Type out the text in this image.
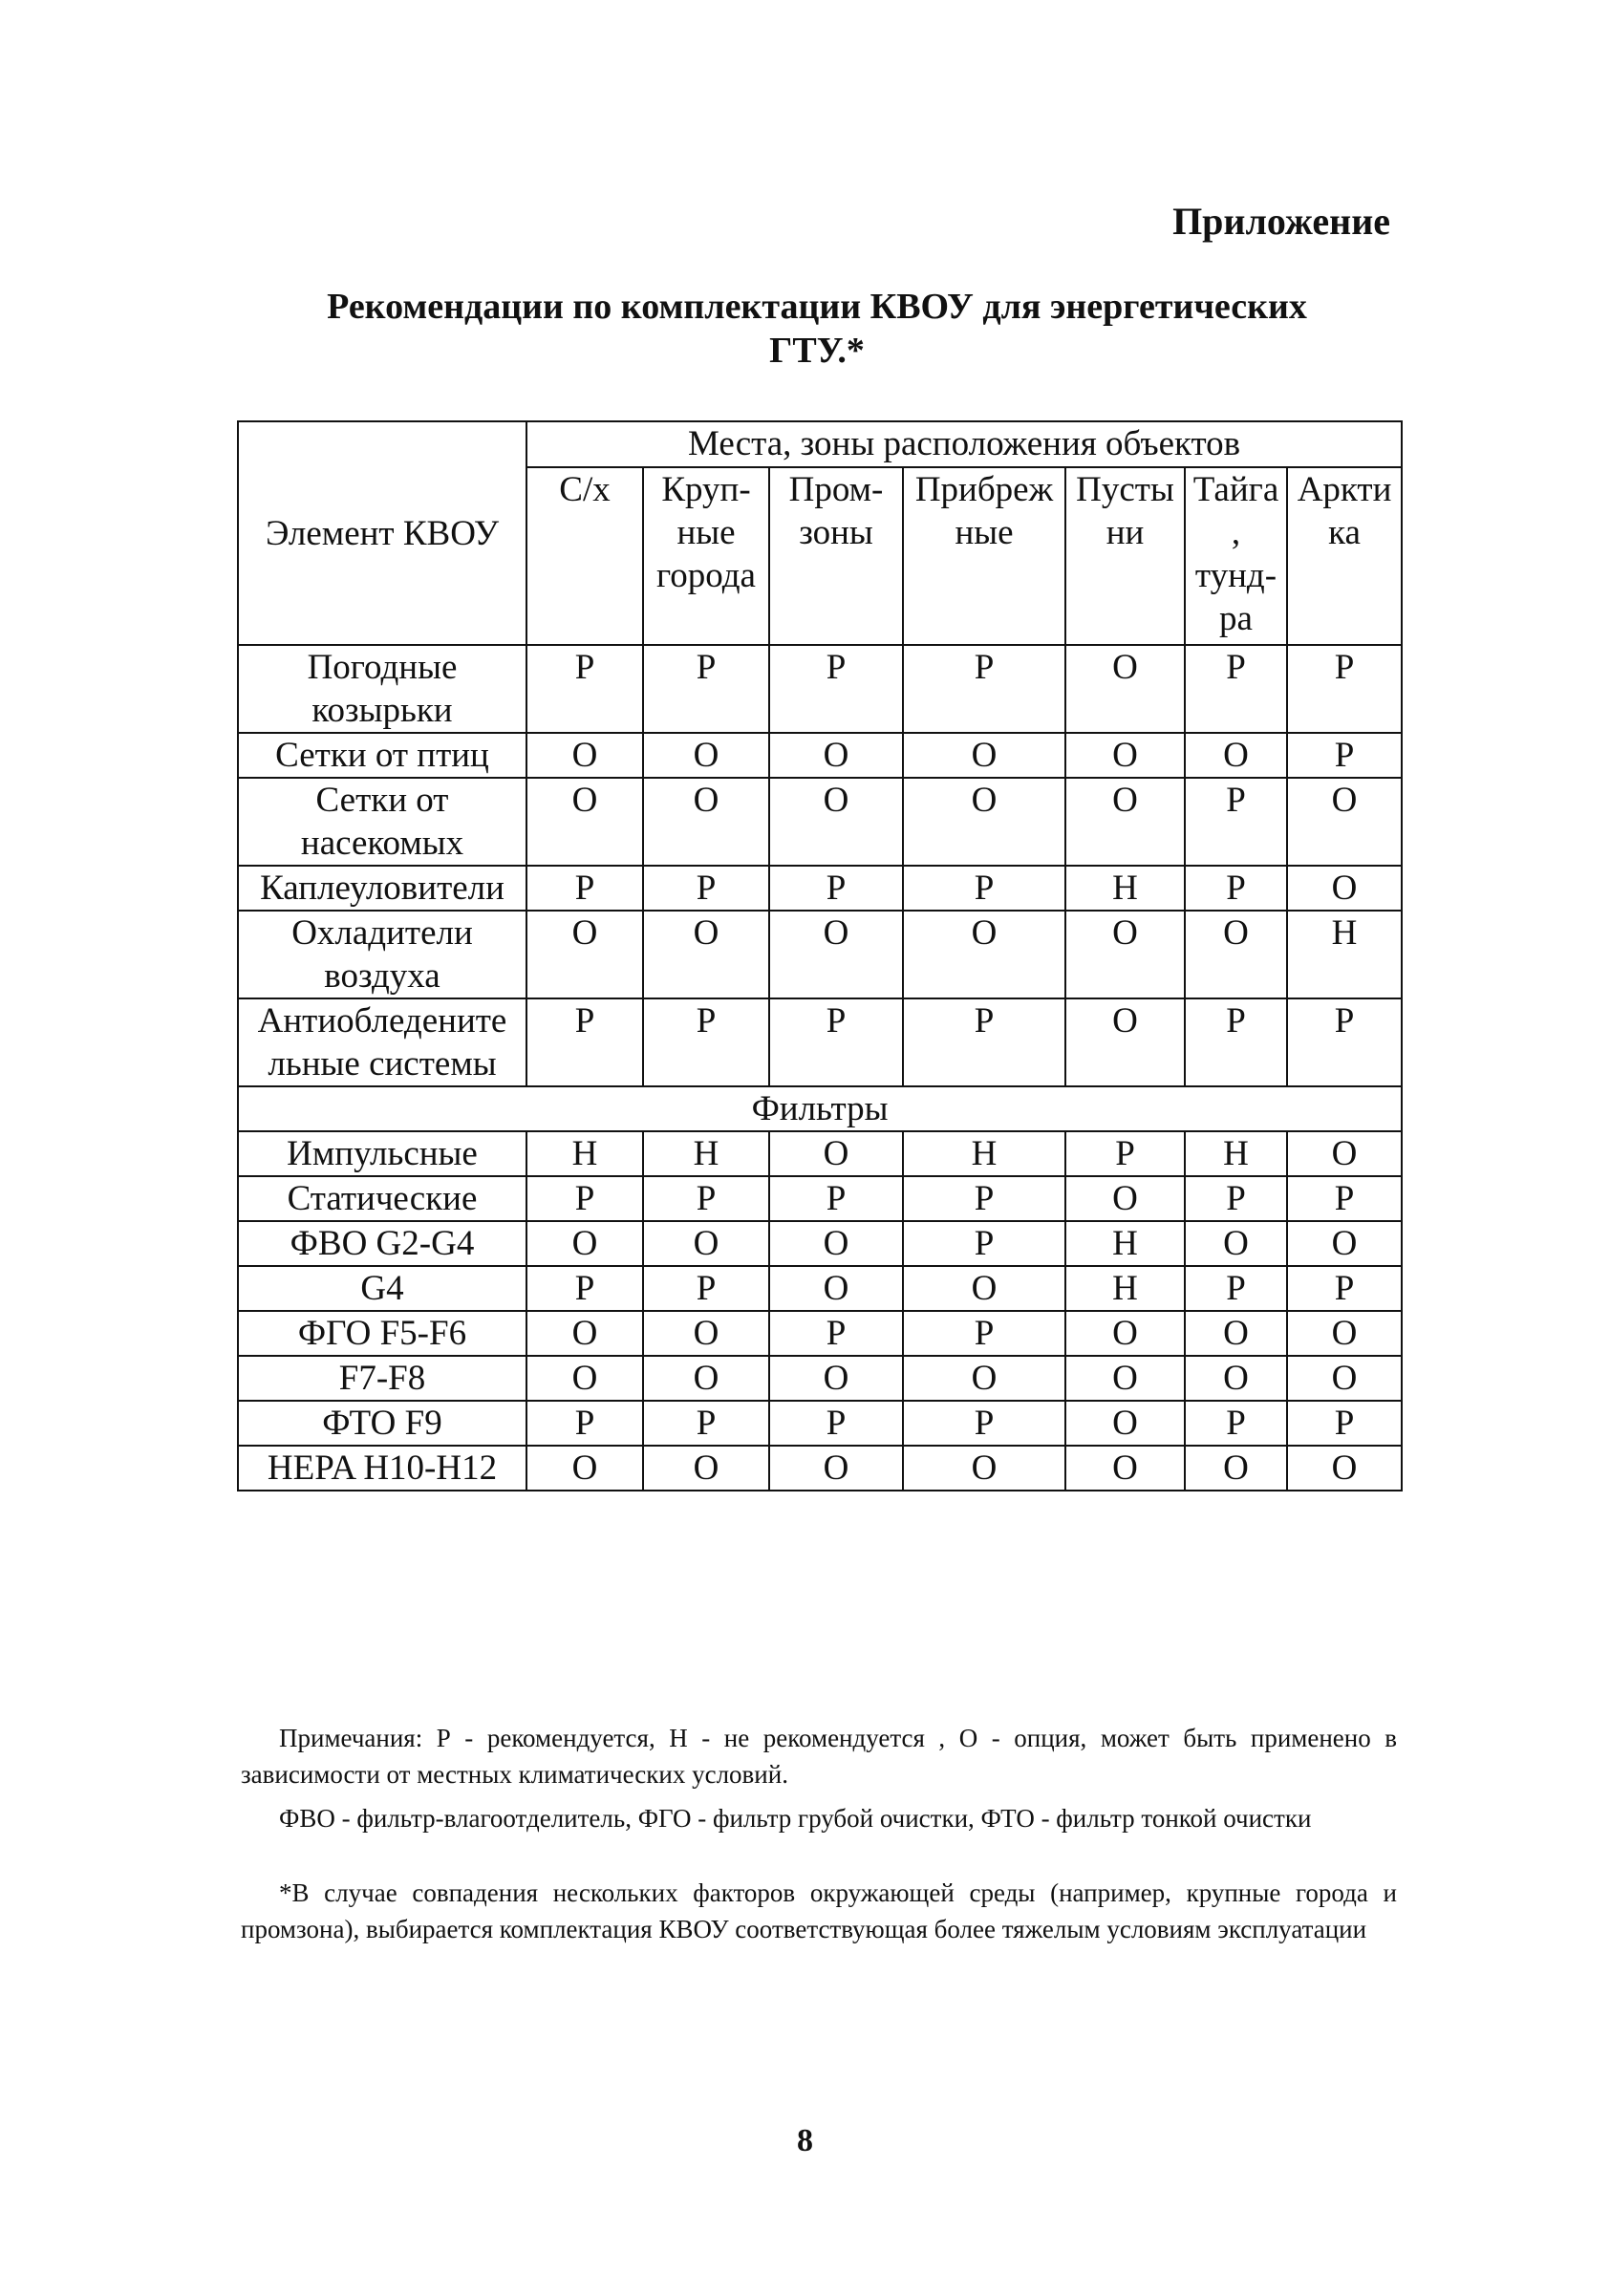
Приложение
Рекомендации по комплектации КВОУ для энергетических ГТУ.*
Элемент КВОУ	Места, зоны расположения объектов						
	С/х	Круп-ные города	Пром-зоны	Прибреж ные	Пусты ни	Тайга , тунд-ра	Аркти ка
Погодные козырьки	Р	Р	Р	Р	О	Р	Р
Сетки от птиц	О	О	О	О	О	О	Р
Сетки от насекомых	О	О	О	О	О	Р	О
Каплеуловители	Р	Р	Р	Р	Н	Р	О
Охладители воздуха	О	О	О	О	О	О	Н
Антиобледените льные системы	Р	Р	Р	Р	О	Р	Р
Фильтры							
Импульсные	Н	Н	О	Н	Р	Н	О
Статические	Р	Р	Р	Р	О	Р	Р
ФВО G2-G4	О	О	О	Р	Н	О	О
G4	Р	Р	О	О	Н	Р	Р
ФГО F5-F6	О	О	Р	Р	О	О	О
F7-F8	О	О	О	О	О	О	О
ФТО F9	Р	Р	Р	Р	О	Р	Р
HEPA H10-H12	О	О	О	О	О	О	О

Примечания: Р - рекомендуется, Н - не рекомендуется , О - опция, может быть применено в зависимости от местных климатических условий.

ФВО - фильтр-влагоотделитель, ФГО - фильтр грубой очистки, ФТО - фильтр тонкой очистки

*В случае совпадения нескольких факторов окружающей среды (например, крупные города и промзона), выбирается комплектация КВОУ соответствующая более тяжелым условиям эксплуатации

8
